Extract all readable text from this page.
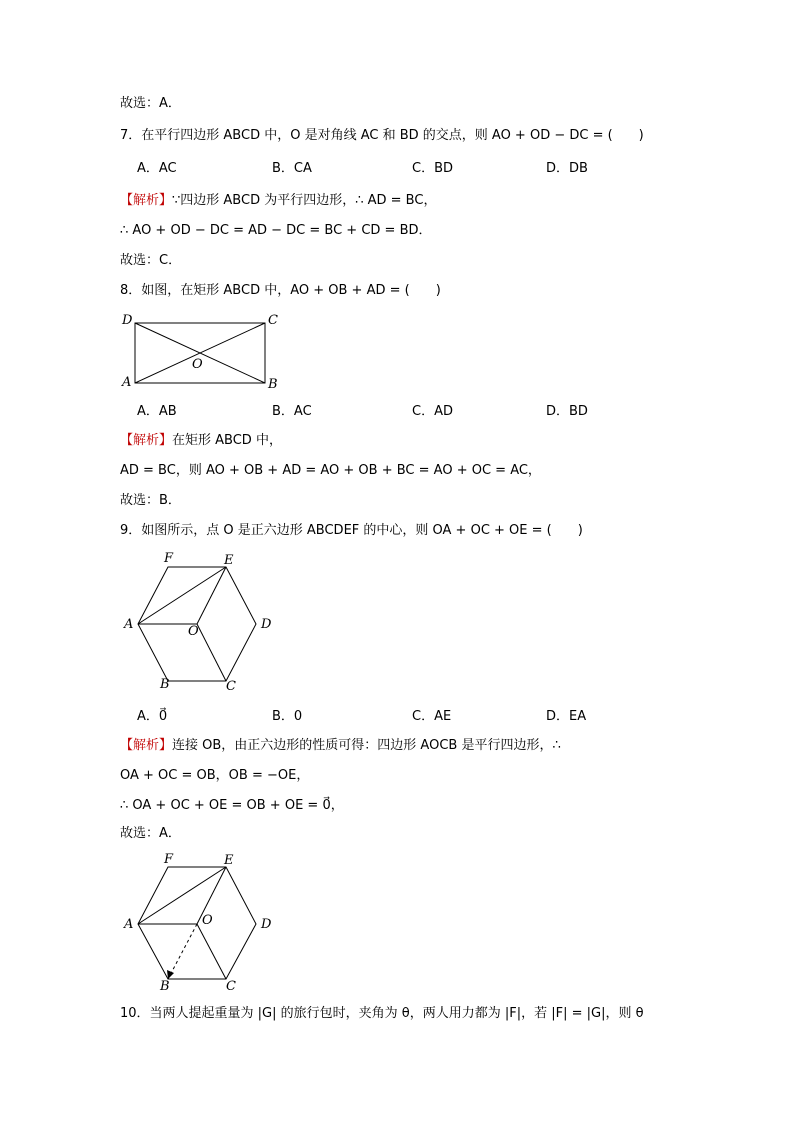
故选：A．
7．在平行四边形 ABCD 中，O 是对角线 AC 和 BD 的交点，则 AO + OD − DC = (　　)
A．AC	B．CA	C．BD	D．DB
【解析】∵四边形 ABCD 为平行四边形，∴ AD = BC，
∴ AO + OD − DC = AD − DC = BC + CD = BD．
故选：C．
8．如图，在矩形 ABCD 中，AO + OB + AD = (　　)
D	C
O
A	B
A．AB	B．AC	C．AD	D．BD
【解析】在矩形 ABCD 中，
AD = BC，则 AO + OB + AD = AO + OB + BC = AO + OC = AC，
故选：B．
9．如图所示，点 O 是正六边形 ABCDEF 的中心，则 OA + OC + OE = (　　)
F	E
A	O	D
B	C
A．0⃗	B．0	C．AE	D．EA
【解析】连接 OB，由正六边形的性质可得：四边形 AOCB 是平行四边形，∴
OA + OC = OB，OB = −OE，
∴ OA + OC + OE = OB + OE = 0⃗，
故选：A．
F	E
A	O	D
B	C
10．当两人提起重量为 |G| 的旅行包时，夹角为 θ，两人用力都为 |F|，若 |F| = |G|，则 θ
